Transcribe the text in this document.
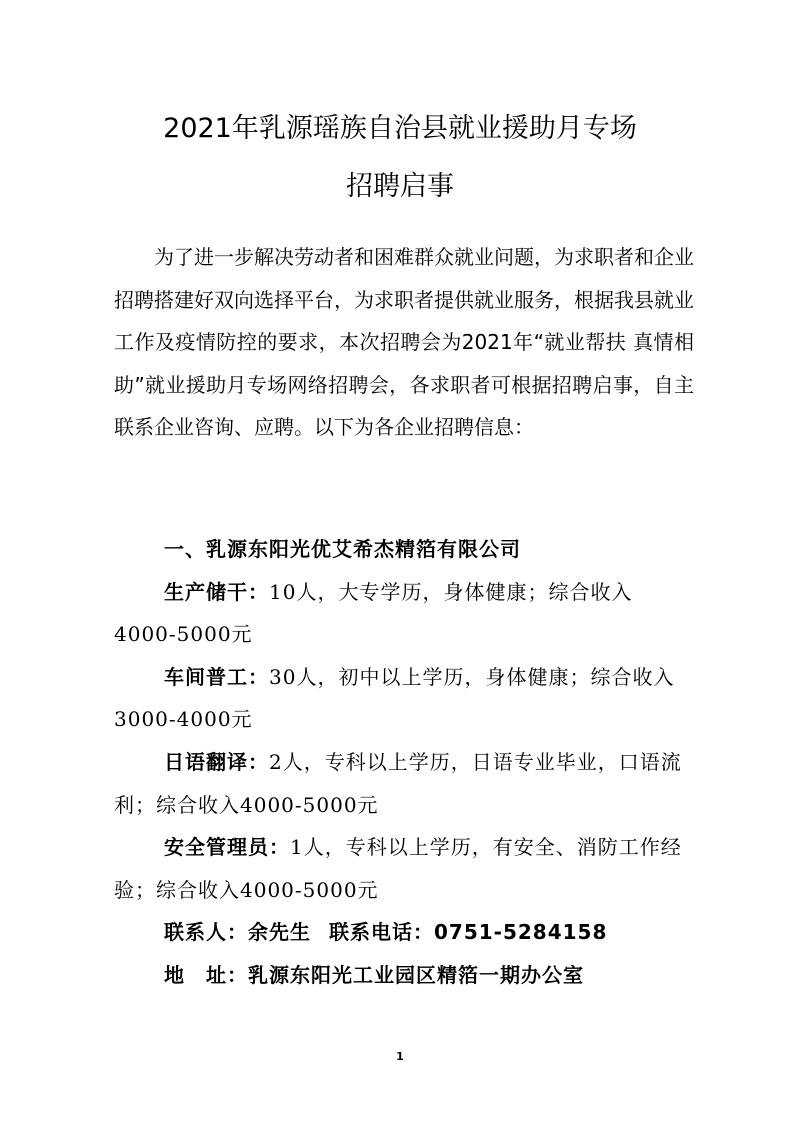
2021年乳源瑶族自治县就业援助月专场
招聘启事

为了进一步解决劳动者和困难群众就业问题，为求职者和企业招聘搭建好双向选择平台，为求职者提供就业服务，根据我县就业工作及疫情防控的要求，本次招聘会为2021年“就业帮扶 真情相助”就业援助月专场网络招聘会，各求职者可根据招聘启事，自主联系企业咨询、应聘。以下为各企业招聘信息：

一、乳源东阳光优艾希杰精箔有限公司
生产储干：10人，大专学历，身体健康；综合收入4000-5000元
车间普工：30人，初中以上学历，身体健康；综合收入3000-4000元
日语翻译：2人，专科以上学历，日语专业毕业，口语流利；综合收入4000-5000元
安全管理员：1人，专科以上学历，有安全、消防工作经验；综合收入4000-5000元
联系人：余先生 联系电话：0751-5284158
地　址：乳源东阳光工业园区精箔一期办公室
1
